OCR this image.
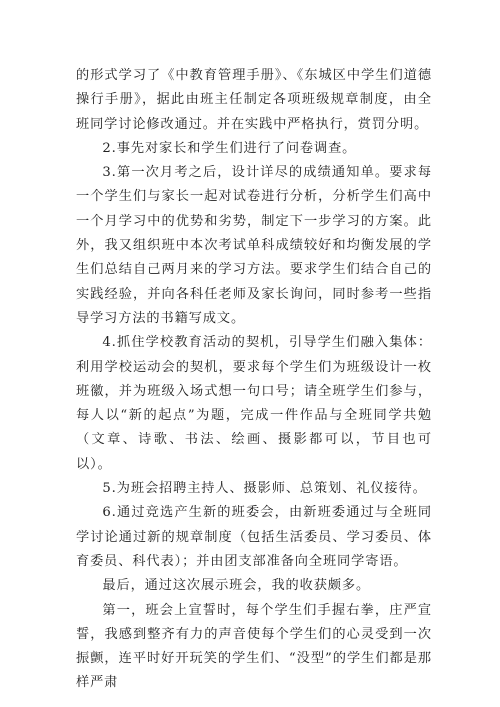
的形式学习了《中教育管理手册》、《东城区中学生们道德操行手册》，据此由班主任制定各项班级规章制度，由全班同学讨论修改通过。并在实践中严格执行，赏罚分明。

2.事先对家长和学生们进行了问卷调查。

3.第一次月考之后，设计详尽的成绩通知单。要求每一个学生们与家长一起对试卷进行分析，分析学生们高中一个月学习中的优势和劣势，制定下一步学习的方案。此外，我又组织班中本次考试单科成绩较好和均衡发展的学生们总结自己两月来的学习方法。要求学生们结合自己的实践经验，并向各科任老师及家长询问，同时参考一些指导学习方法的书籍写成文。

4.抓住学校教育活动的契机，引导学生们融入集体：利用学校运动会的契机，要求每个学生们为班级设计一枚班徽，并为班级入场式想一句口号；请全班学生们参与，每人以“新的起点”为题，完成一件作品与全班同学共勉（文章、诗歌、书法、绘画、摄影都可以，节目也可以）。

5.为班会招聘主持人、摄影师、总策划、礼仪接待。

6.通过竞选产生新的班委会，由新班委通过与全班同学讨论通过新的规章制度（包括生活委员、学习委员、体育委员、科代表）；并由团支部准备向全班同学寄语。

最后，通过这次展示班会，我的收获颇多。

第一，班会上宣誓时，每个学生们手握右拳，庄严宣誓，我感到整齐有力的声音使每个学生们的心灵受到一次振颤，连平时好开玩笑的学生们、“没型”的学生们都是那样严肃
